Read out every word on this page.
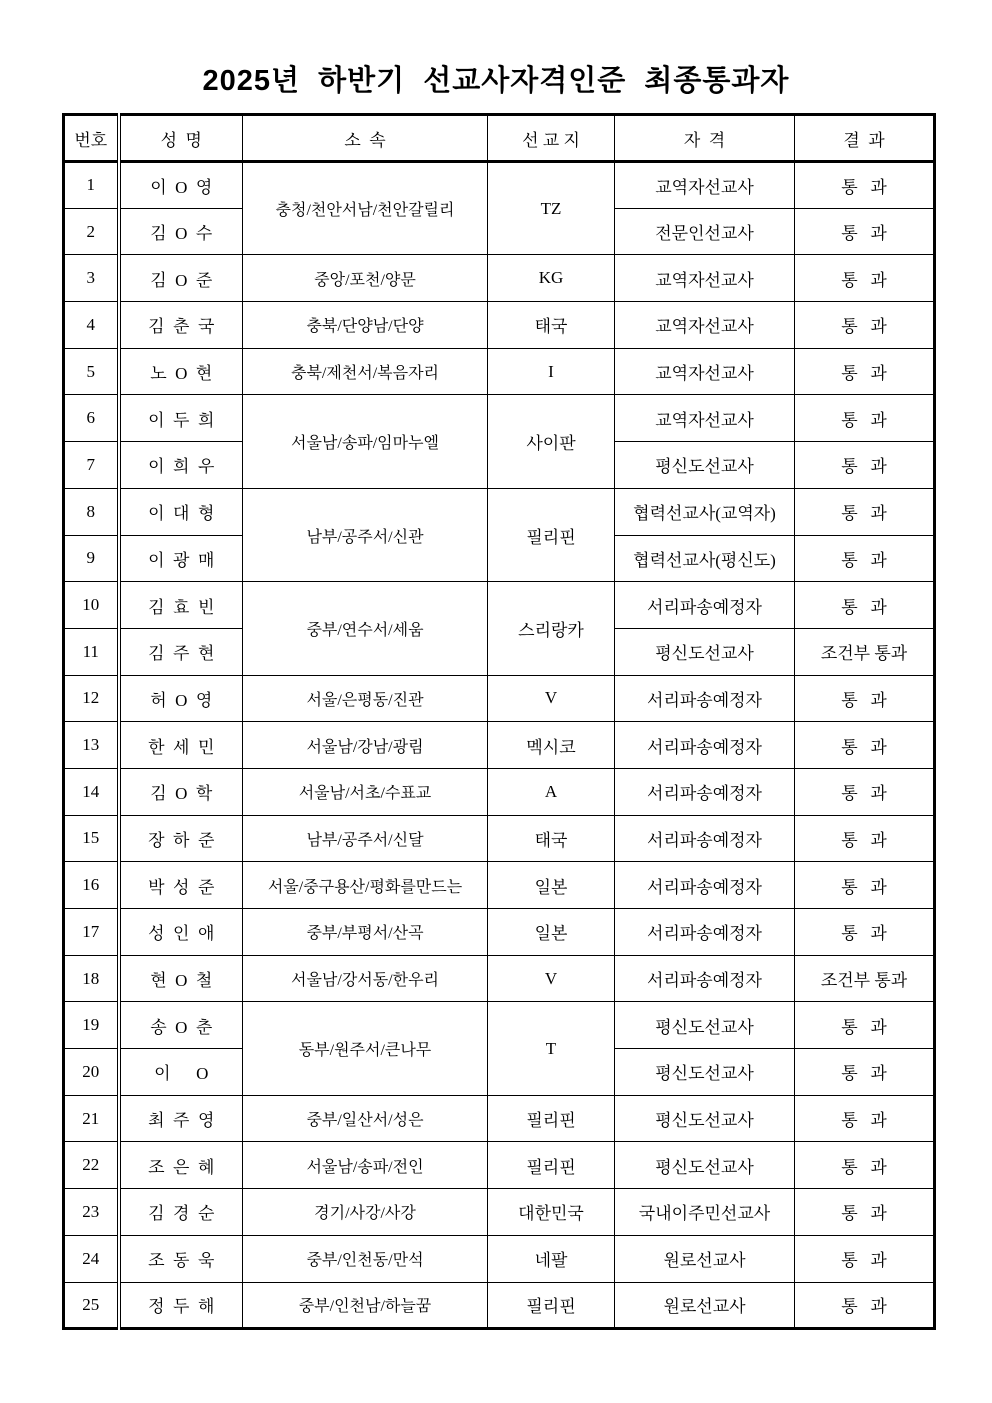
2025년 하반기 선교사자격인준 최종통과자
번호	성  명	소  속	선 교 지	자  격	결  과
1	이  O  영	충청/천안서남/천안갈릴리	TZ	교역자선교사	통   과
2	김  O  수			전문인선교사	통   과
3	김  O  준	중앙/포천/양문	KG	교역자선교사	통   과
4	김  춘  국	충북/단양남/단양	태국	교역자선교사	통   과
5	노  O  현	충북/제천서/복음자리	I	교역자선교사	통   과
6	이  두  희	서울남/송파/임마누엘	사이판	교역자선교사	통   과
7	이  희  우			평신도선교사	통   과
8	이  대  형	남부/공주서/신관	필리핀	협력선교사(교역자)	통   과
9	이  광  매			협력선교사(평신도)	통   과
10	김  효  빈	중부/연수서/세움	스리랑카	서리파송예정자	통   과
11	김  주  현			평신도선교사	조건부 통과
12	허  O  영	서울/은평동/진관	V	서리파송예정자	통   과
13	한  세  민	서울남/강남/광림	멕시코	서리파송예정자	통   과
14	김  O  학	서울남/서초/수표교	A	서리파송예정자	통   과
15	장  하  준	남부/공주서/신달	태국	서리파송예정자	통   과
16	박  성  준	서울/중구용산/평화를만드는	일본	서리파송예정자	통   과
17	성  인  애	중부/부평서/산곡	일본	서리파송예정자	통   과
18	현  O  철	서울남/강서동/한우리	V	서리파송예정자	조건부 통과
19	송  O  춘	동부/원주서/큰나무	T	평신도선교사	통   과
20	이      O			평신도선교사	통   과
21	최  주  영	중부/일산서/성은	필리핀	평신도선교사	통   과
22	조  은  혜	서울남/송파/전인	필리핀	평신도선교사	통   과
23	김  경  순	경기/사강/사강	대한민국	국내이주민선교사	통   과
24	조  동  욱	중부/인천동/만석	네팔	원로선교사	통   과
25	정  두  해	중부/인천남/하늘꿈	필리핀	원로선교사	통   과
